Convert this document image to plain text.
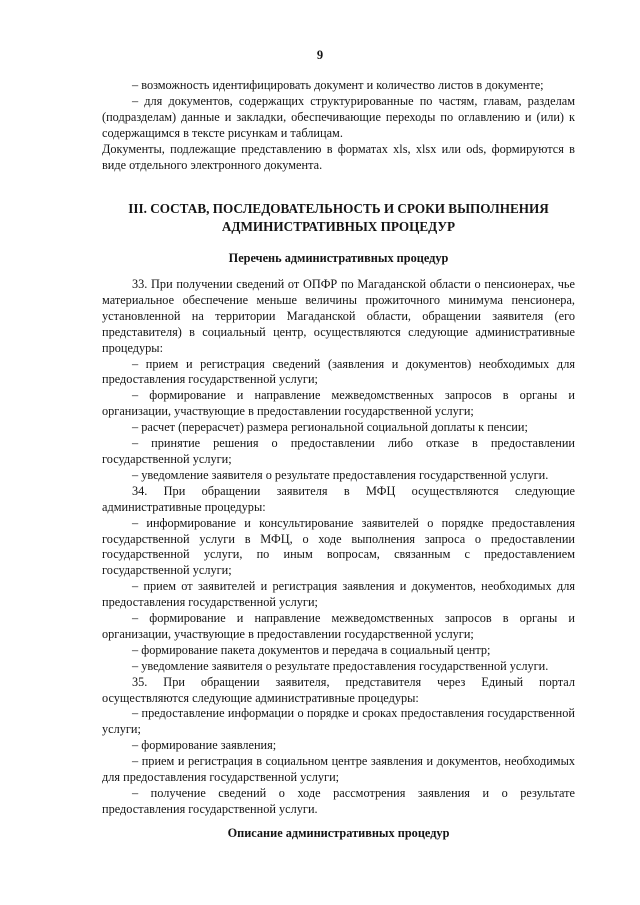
9

– возможность идентифицировать документ и количество листов в документе;

– для документов, содержащих структурированные по частям, главам, разделам (подразделам) данные и закладки, обеспечивающие переходы по оглавлению и (или) к содержащимся в тексте рисункам и таблицам.

Документы, подлежащие представлению в форматах xls, xlsx или ods, формируются в виде отдельного электронного документа.

III. СОСТАВ, ПОСЛЕДОВАТЕЛЬНОСТЬ И СРОКИ ВЫПОЛНЕНИЯ
АДМИНИСТРАТИВНЫХ ПРОЦЕДУР
Перечень административных процедур

33. При получении сведений от ОПФР по Магаданской области о пенсионерах, чье материальное обеспечение меньше величины прожиточного минимума пенсионера, установленной на территории Магаданской области, обращении заявителя (его представителя) в социальный центр, осуществляются следующие административные процедуры:

– прием и регистрация сведений (заявления и документов) необходимых для предоставления государственной услуги;

– формирование и направление межведомственных запросов в органы и организации, участвующие в предоставлении государственной услуги;

– расчет (перерасчет) размера региональной социальной доплаты к пенсии;

– принятие решения о предоставлении либо отказе в предоставлении государственной услуги;

– уведомление заявителя о результате предоставления государственной услуги.

34. При обращении заявителя в МФЦ осуществляются следующие административные процедуры:

– информирование и консультирование заявителей о порядке предоставления государственной услуги в МФЦ, о ходе выполнения запроса о предоставлении государственной услуги, по иным вопросам, связанным с предоставлением государственной услуги;

– прием от заявителей и регистрация заявления и документов, необходимых для предоставления государственной услуги;

– формирование и направление межведомственных запросов в органы и организации, участвующие в предоставлении государственной услуги;

– формирование пакета документов и передача в социальный центр;

– уведомление заявителя о результате предоставления государственной услуги.

35. При обращении заявителя, представителя через Единый портал осуществляются следующие административные процедуры:

– предоставление информации о порядке и сроках предоставления государственной услуги;

– формирование заявления;

– прием и регистрация в социальном центре заявления и документов, необходимых для предоставления государственной услуги;

– получение сведений о ходе рассмотрения заявления и о результате предоставления государственной услуги.

Описание административных процедур
